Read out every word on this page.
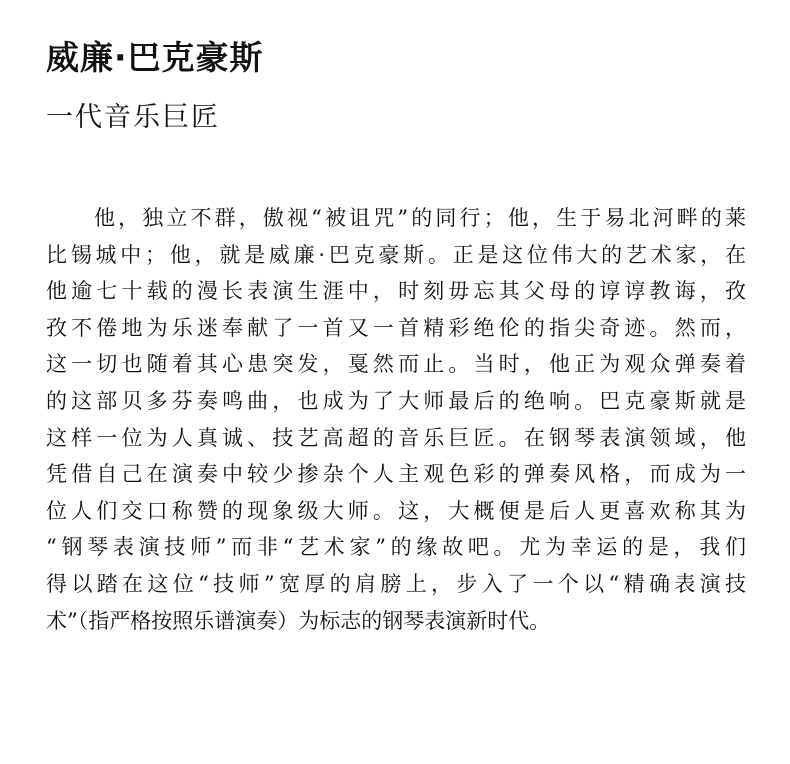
威廉·巴克豪斯
一代音乐巨匠
他，独立不群，傲视“被诅咒”的同行；他，生于易北河畔的莱
比锡城中；他，就是威廉·巴克豪斯。正是这位伟大的艺术家，在
他逾七十载的漫长表演生涯中，时刻毋忘其父母的谆谆教诲，孜
孜不倦地为乐迷奉献了一首又一首精彩绝伦的指尖奇迹。然而，
这一切也随着其心患突发，戛然而止。当时，他正为观众弹奏着
的这部贝多芬奏鸣曲，也成为了大师最后的绝响。巴克豪斯就是
这样一位为人真诚、技艺高超的音乐巨匠。在钢琴表演领域，他
凭借自己在演奏中较少掺杂个人主观色彩的弹奏风格，而成为一
位人们交口称赞的现象级大师。这，大概便是后人更喜欢称其为
“钢琴表演技师”而非“艺术家”的缘故吧。尤为幸运的是，我们
得以踏在这位“技师”宽厚的肩膀上，步入了一个以“精确表演技
术”（指严格按照乐谱演奏）为标志的钢琴表演新时代。
